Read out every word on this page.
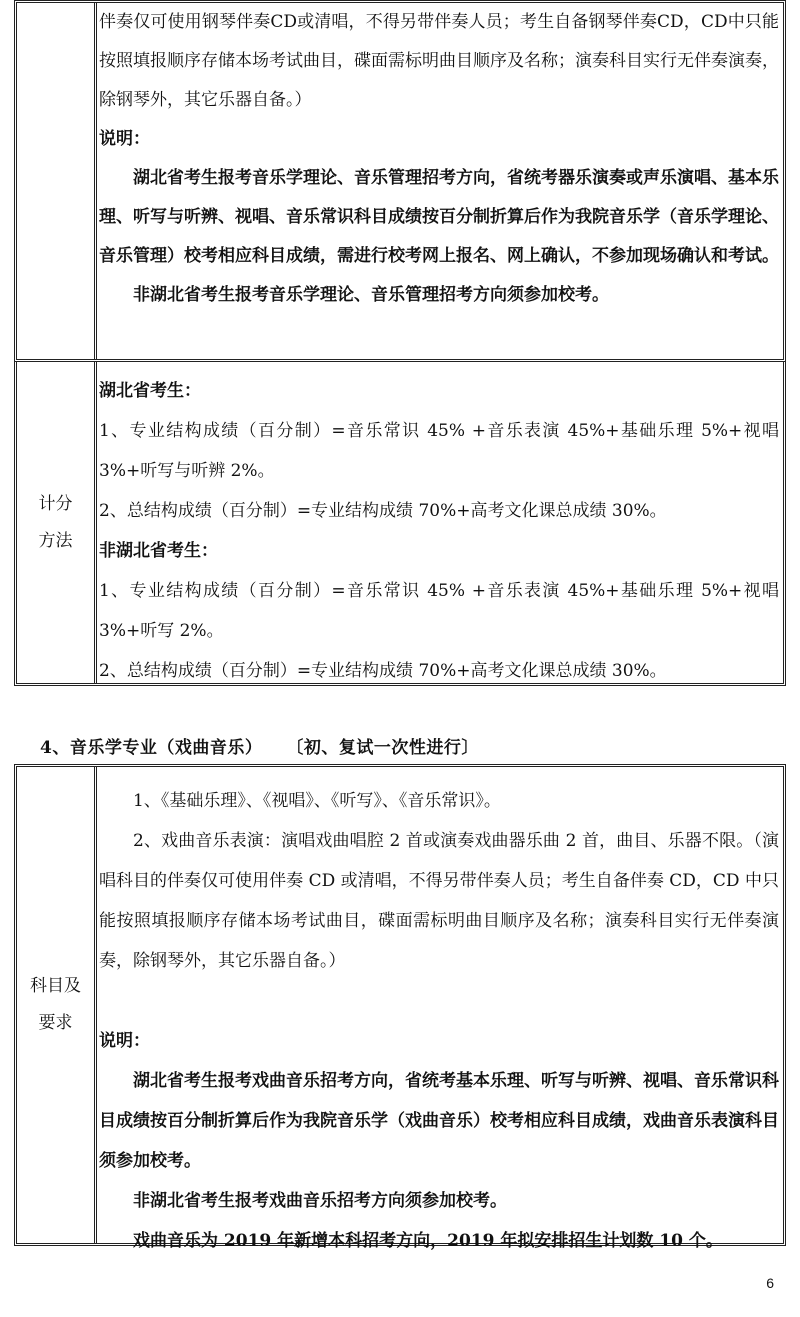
伴奏仅可使用钢琴伴奏CD或清唱，不得另带伴奏人员；考生自备钢琴伴奏CD，CD中只能按照填报顺序存储本场考试曲目，碟面需标明曲目顺序及名称；演奏科目实行无伴奏演奏，除钢琴外，其它乐器自备。）

说明：

湖北省考生报考音乐学理论、音乐管理招考方向，省统考器乐演奏或声乐演唱、基本乐理、听写与听辨、视唱、音乐常识科目成绩按百分制折算后作为我院音乐学（音乐学理论、音乐管理）校考相应科目成绩，需进行校考网上报名、网上确认，不参加现场确认和考试。

非湖北省考生报考音乐学理论、音乐管理招考方向须参加校考。

计分
方法

湖北省考生：

1、专业结构成绩（百分制）=音乐常识 45% +音乐表演 45%+基础乐理 5%+视唱 3%+听写与听辨 2%。

2、总结构成绩（百分制）=专业结构成绩 70%+高考文化课总成绩 30%。

非湖北省考生：

1、专业结构成绩（百分制）=音乐常识 45% +音乐表演 45%+基础乐理 5%+视唱 3%+听写 2%。

2、总结构成绩（百分制）=专业结构成绩 70%+高考文化课总成绩 30%。

4、音乐学专业（戏曲音乐） 〔初、复试一次性进行〕
科目及
要求

1、《基础乐理》、《视唱》、《听写》、《音乐常识》。

2、戏曲音乐表演：演唱戏曲唱腔 2 首或演奏戏曲器乐曲 2 首，曲目、乐器不限。（演唱科目的伴奏仅可使用伴奏 CD 或清唱，不得另带伴奏人员；考生自备伴奏 CD，CD 中只能按照填报顺序存储本场考试曲目，碟面需标明曲目顺序及名称；演奏科目实行无伴奏演奏，除钢琴外，其它乐器自备。）

说明：

湖北省考生报考戏曲音乐招考方向，省统考基本乐理、听写与听辨、视唱、音乐常识科目成绩按百分制折算后作为我院音乐学（戏曲音乐）校考相应科目成绩，戏曲音乐表演科目须参加校考。

非湖北省考生报考戏曲音乐招考方向须参加校考。

戏曲音乐为 2019 年新增本科招考方向，2019 年拟安排招生计划数 10 个。

6
